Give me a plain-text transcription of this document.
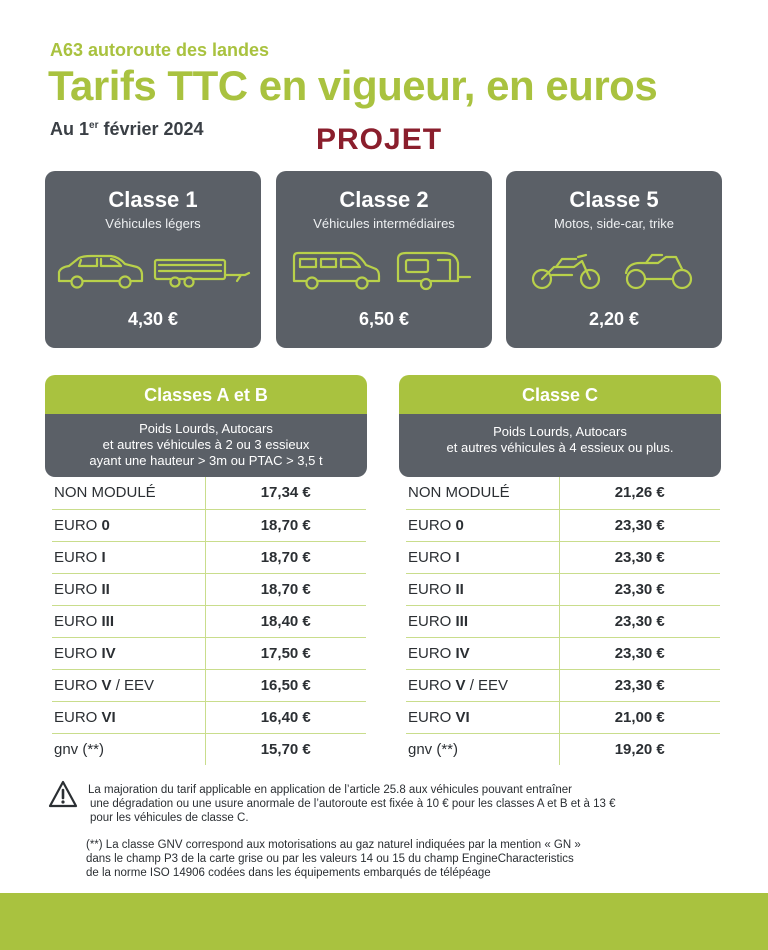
A63 autoroute des landes
Tarifs TTC en vigueur, en euros
Au 1er février 2024	PROJET
Classe 1
Véhicules légers
4,30 €
Classe 2
Véhicules intermédiaires
6,50 €
Classe 5
Motos, side-car, trike
2,20 €
Classes A et B
Poids Lourds, Autocars
et autres véhicules à 2 ou 3 essieux
ayant une hauteur > 3m ou PTAC > 3,5 t
NON MODULÉ	17,34 €
EURO 0	18,70 €
EURO I	18,70 €
EURO II	18,70 €
EURO III	18,40 €
EURO IV	17,50 €
EURO V / EEV	16,50 €
EURO VI	16,40 €
gnv (**)	15,70 €
Classe C
Poids Lourds, Autocars
et autres véhicules à 4 essieux ou plus.
NON MODULÉ	21,26 €
EURO 0	23,30 €
EURO I	23,30 €
EURO II	23,30 €
EURO III	23,30 €
EURO IV	23,30 €
EURO V / EEV	23,30 €
EURO VI	21,00 €
gnv (**)	19,20 €
La majoration du tarif applicable en application de l’article 25.8 aux véhicules pouvant entraîner
une dégradation ou une usure anormale de l’autoroute est fixée à 10 € pour les classes A et B et à 13 €
pour les véhicules de classe C.
(**) La classe GNV correspond aux motorisations au gaz naturel indiquées par la mention « GN »
dans le champ P3 de la carte grise ou par les valeurs 14 ou 15 du champ EngineCharacteristics
de la norme ISO 14906 codées dans les équipements embarqués de télépéage
